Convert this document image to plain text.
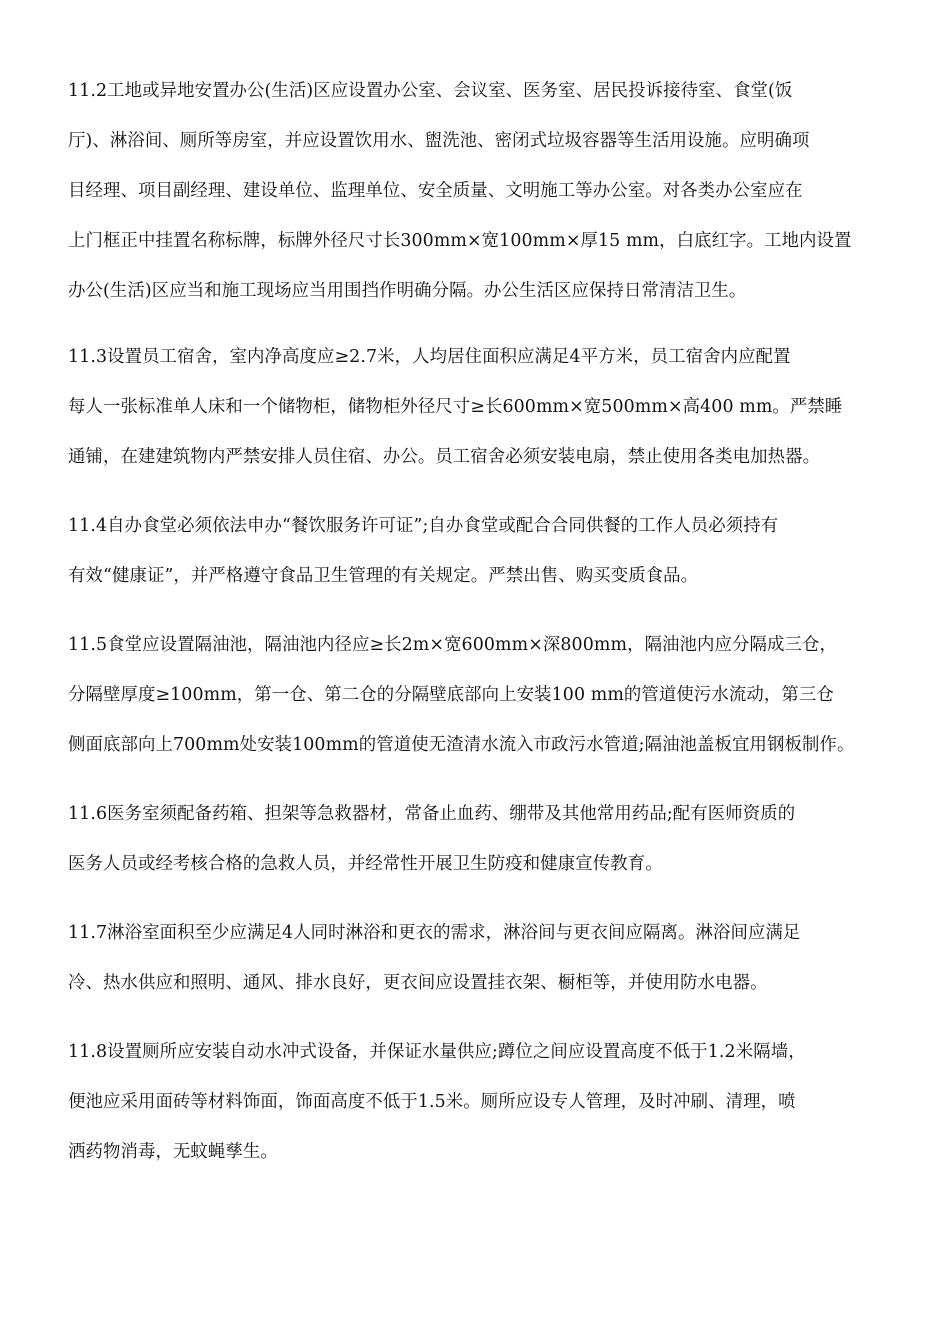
11.2工地或异地安置办公(生活)区应设置办公室、会议室、医务室、居民投诉接待室、食堂(饭
厅)、淋浴间、厕所等房室，并应设置饮用水、盥洗池、密闭式垃圾容器等生活用设施。应明确项
目经理、项目副经理、建设单位、监理单位、安全质量、文明施工等办公室。对各类办公室应在
上门框正中挂置名称标牌，标牌外径尺寸长300mm×宽100mm×厚15 mm，白底红字。工地内设置
办公(生活)区应当和施工现场应当用围挡作明确分隔。办公生活区应保持日常清洁卫生。
11.3设置员工宿舍，室内净高度应≥2.7米，人均居住面积应满足4平方米，员工宿舍内应配置
每人一张标准单人床和一个储物柜，储物柜外径尺寸≥长600mm×宽500mm×高400 mm。严禁睡
通铺，在建建筑物内严禁安排人员住宿、办公。员工宿舍必须安装电扇，禁止使用各类电加热器。
11.4自办食堂必须依法申办“餐饮服务许可证”;自办食堂或配合合同供餐的工作人员必须持有
有效“健康证”，并严格遵守食品卫生管理的有关规定。严禁出售、购买变质食品。
11.5食堂应设置隔油池，隔油池内径应≥长2m×宽600mm×深800mm，隔油池内应分隔成三仓，
分隔壁厚度≥100mm，第一仓、第二仓的分隔壁底部向上安装100 mm的管道使污水流动，第三仓
侧面底部向上700mm处安装100mm的管道使无渣清水流入市政污水管道;隔油池盖板宜用钢板制作。
11.6医务室须配备药箱、担架等急救器材，常备止血药、绷带及其他常用药品;配有医师资质的
医务人员或经考核合格的急救人员，并经常性开展卫生防疫和健康宣传教育。
11.7淋浴室面积至少应满足4人同时淋浴和更衣的需求，淋浴间与更衣间应隔离。淋浴间应满足
冷、热水供应和照明、通风、排水良好，更衣间应设置挂衣架、橱柜等，并使用防水电器。
11.8设置厕所应安装自动水冲式设备，并保证水量供应;蹲位之间应设置高度不低于1.2米隔墙，
便池应采用面砖等材料饰面，饰面高度不低于1.5米。厕所应设专人管理，及时冲刷、清理，喷
洒药物消毒，无蚊蝇孳生。
